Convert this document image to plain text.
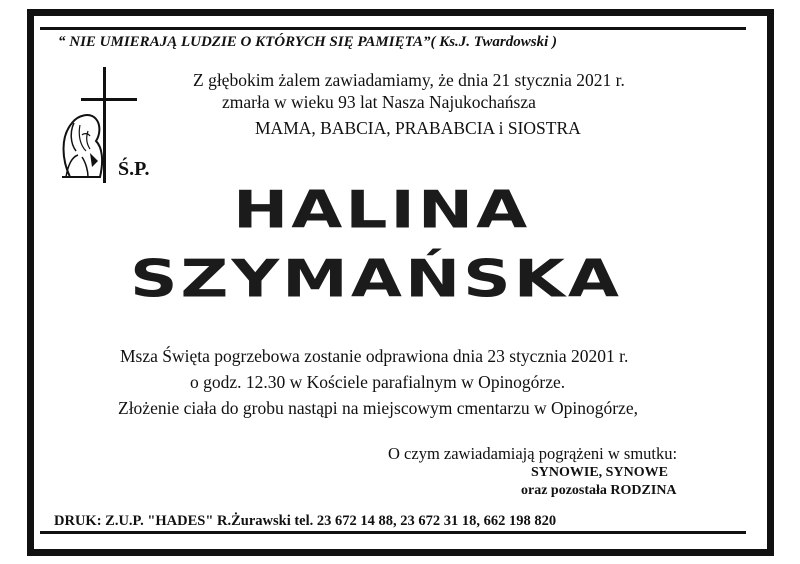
“ NIE UMIERAJĄ LUDZIE O KTÓRYCH SIĘ PAMIĘTA”( Ks.J. Twardowski )
Z głębokim żalem zawiadamiamy, że dnia 21 stycznia 2021 r.
zmarła w wieku 93 lat Nasza Najukochańsza
MAMA, BABCIA, PRABABCIA i SIOSTRA
Ś.P.
HALINA
SZYMAŃSKA
Msza Święta pogrzebowa zostanie odprawiona dnia 23 stycznia 20201 r.
o godz. 12.30 w Kościele parafialnym w Opinogórze.
Złożenie ciała do grobu nastąpi na miejscowym cmentarzu w Opinogórze,
O czym zawiadamiają pogrążeni w smutku:
SYNOWIE, SYNOWE
oraz pozostała RODZINA
DRUK: Z.U.P. "HADES" R.Żurawski tel. 23 672 14 88, 23 672 31 18, 662 198 820
